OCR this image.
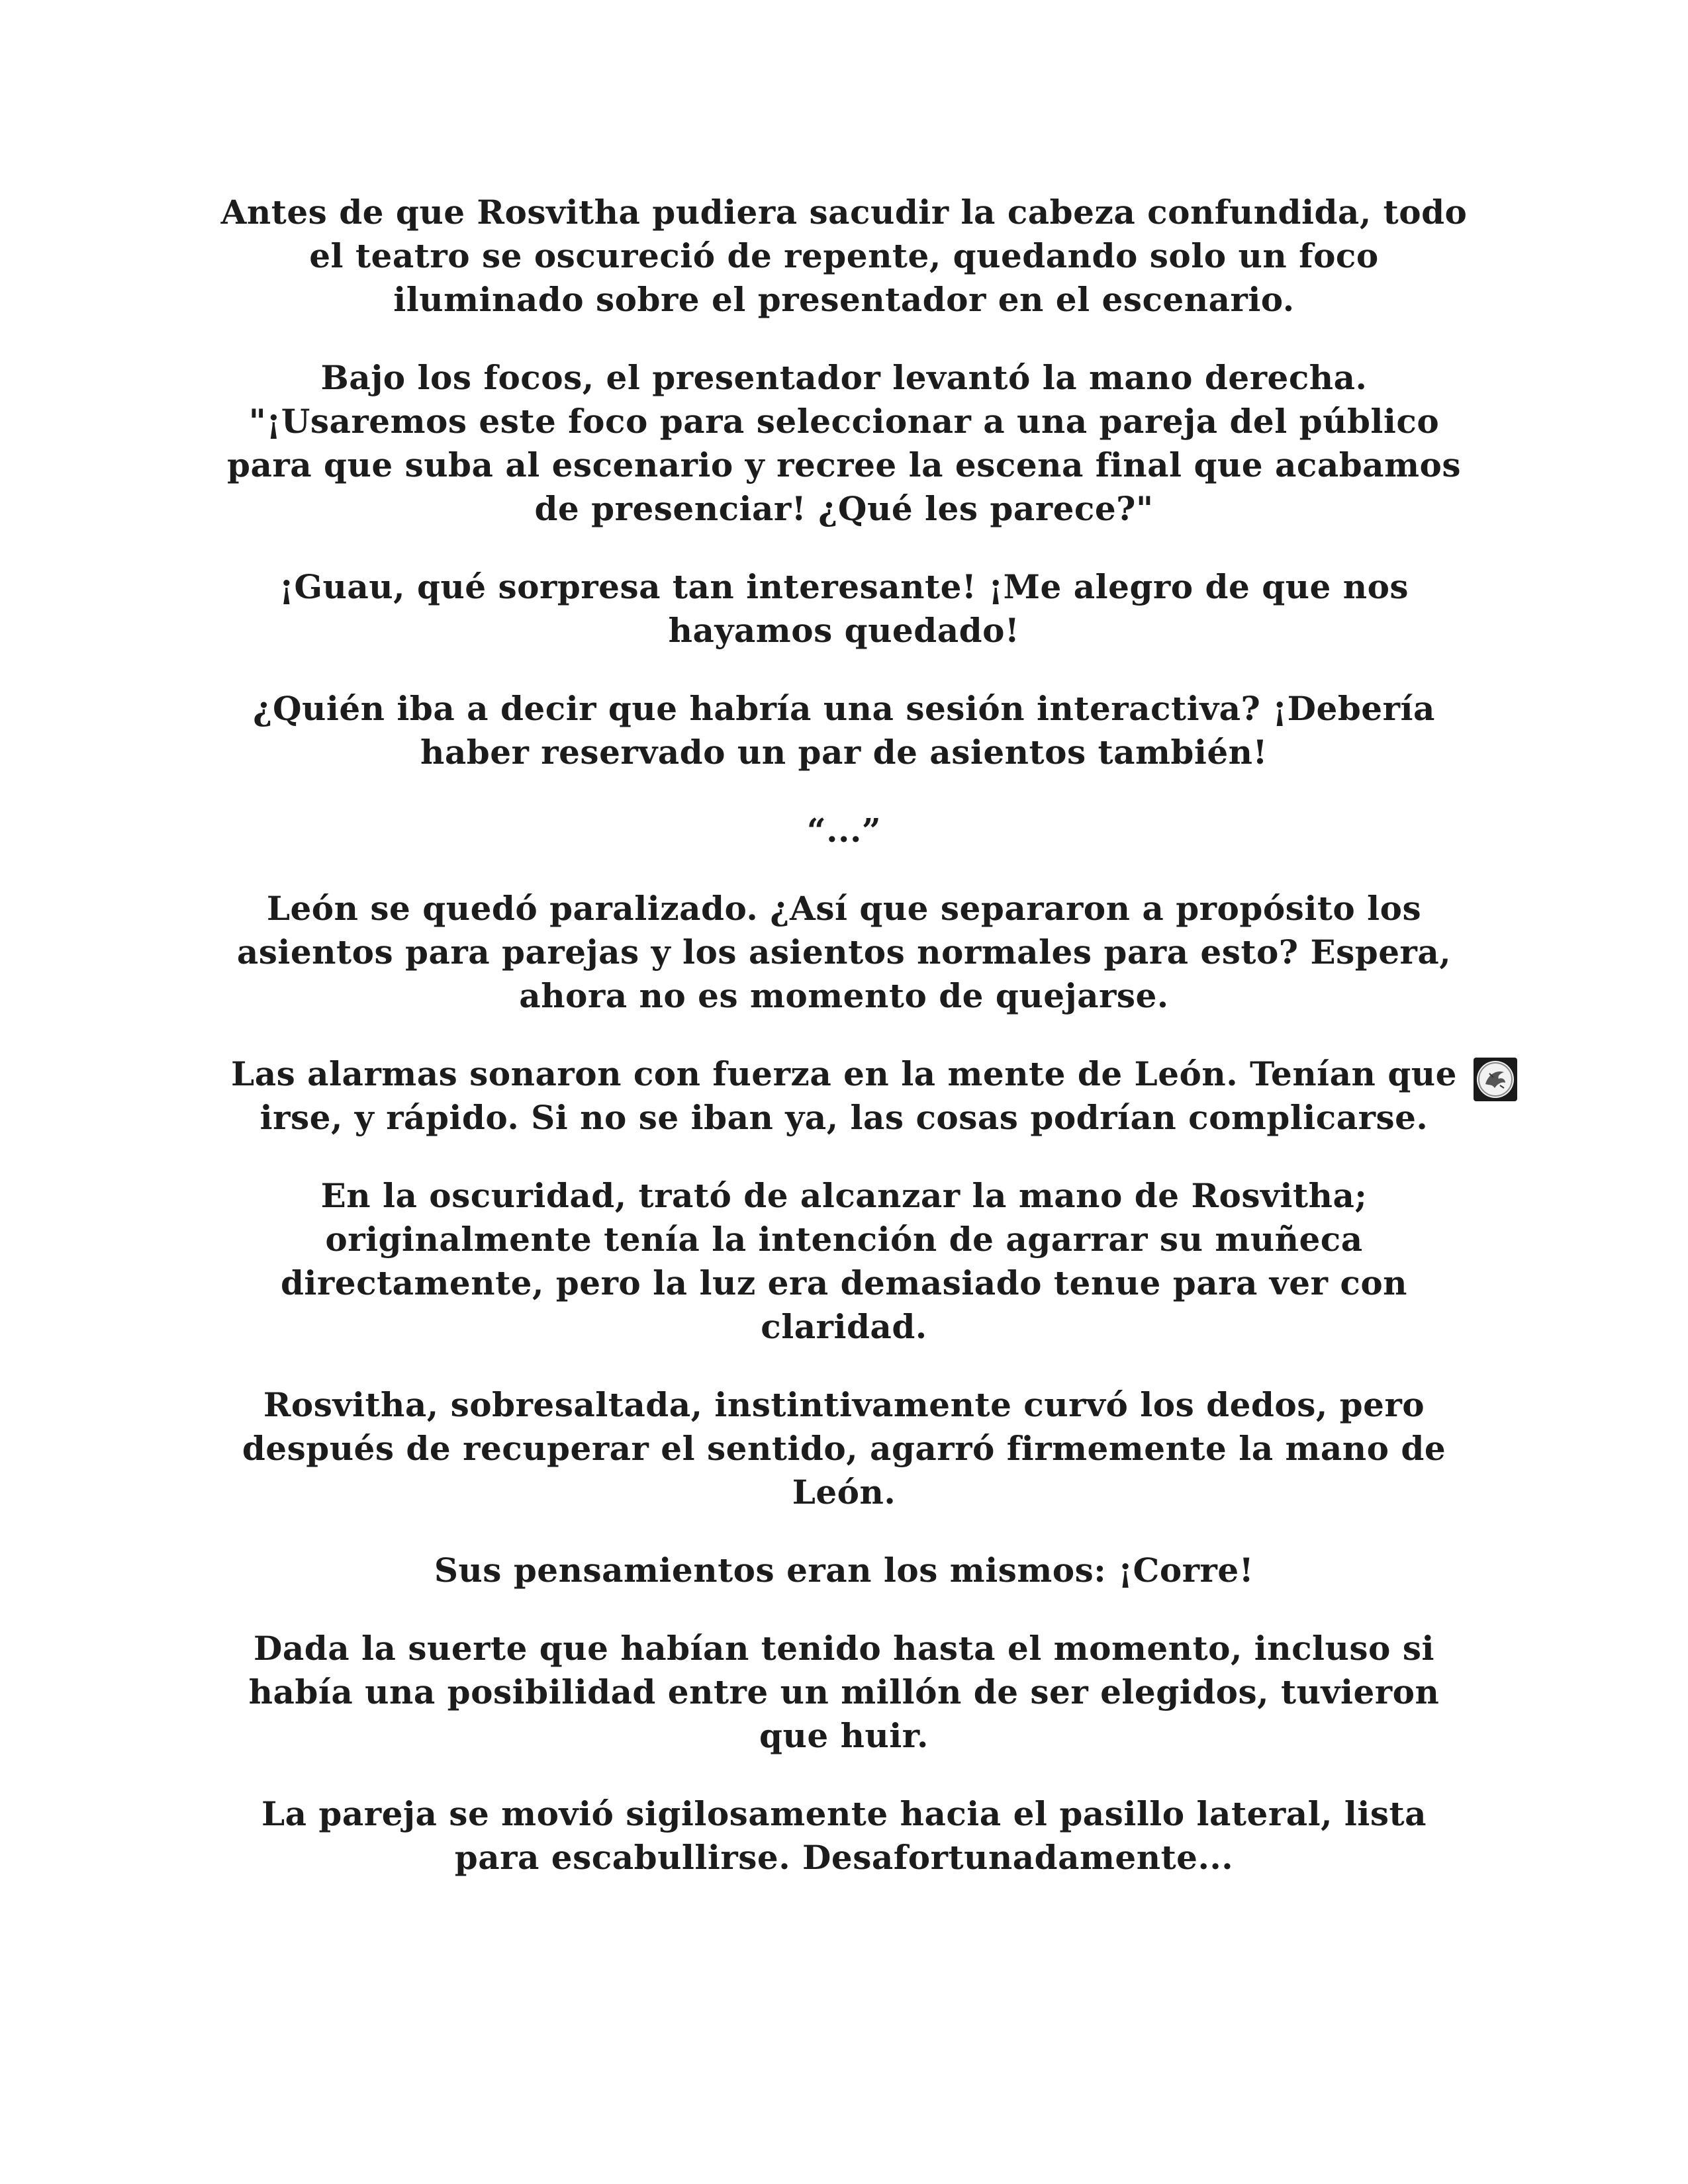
Antes de que Rosvitha pudiera sacudir la cabeza confundida, todo el teatro se oscureció de repente, quedando solo un foco iluminado sobre el presentador en el escenario.

Bajo los focos, el presentador levantó la mano derecha. "¡Usaremos este foco para seleccionar a una pareja del público para que suba al escenario y recree la escena final que acabamos de presenciar! ¿Qué les parece?"

¡Guau, qué sorpresa tan interesante! ¡Me alegro de que nos hayamos quedado!

¿Quién iba a decir que habría una sesión interactiva? ¡Debería haber reservado un par de asientos también!

“...”

León se quedó paralizado. ¿Así que separaron a propósito los asientos para parejas y los asientos normales para esto? Espera, ahora no es momento de quejarse.

Las alarmas sonaron con fuerza en la mente de León. Tenían que irse, y rápido. Si no se iban ya, las cosas podrían complicarse.

En la oscuridad, trató de alcanzar la mano de Rosvitha; originalmente tenía la intención de agarrar su muñeca directamente, pero la luz era demasiado tenue para ver con claridad.

Rosvitha, sobresaltada, instintivamente curvó los dedos, pero después de recuperar el sentido, agarró firmemente la mano de León.

Sus pensamientos eran los mismos: ¡Corre!

Dada la suerte que habían tenido hasta el momento, incluso si había una posibilidad entre un millón de ser elegidos, tuvieron que huir.

La pareja se movió sigilosamente hacia el pasillo lateral, lista para escabullirse. Desafortunadamente...
